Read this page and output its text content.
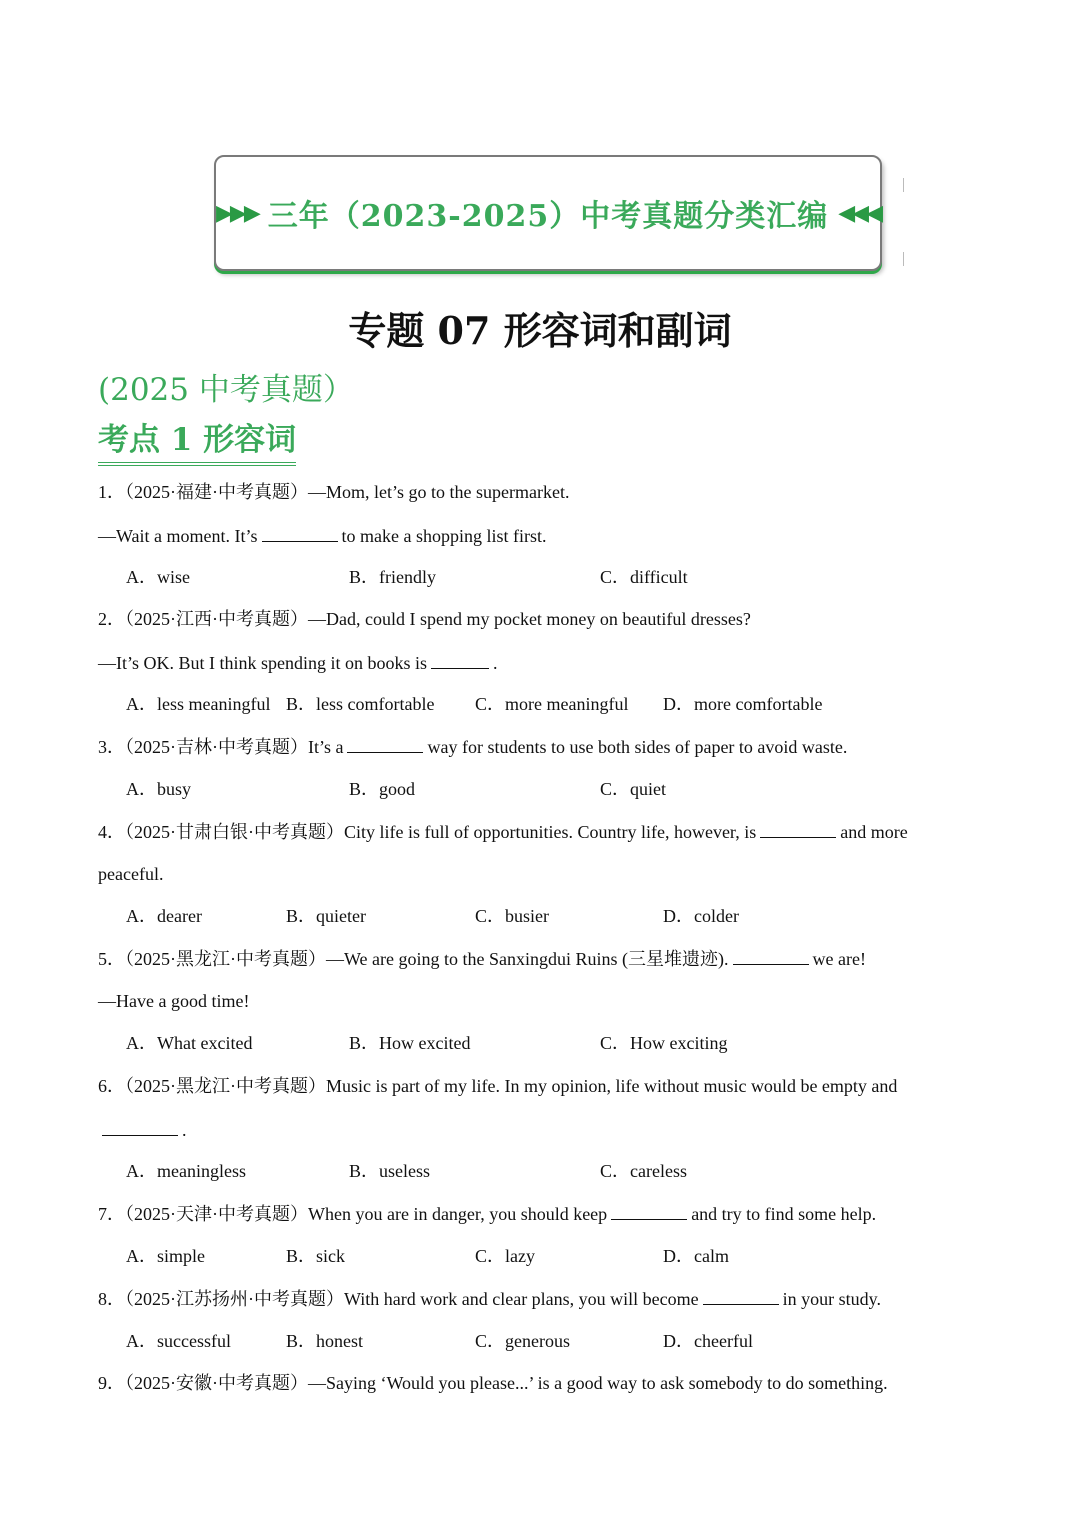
▶▶▶ 三年（2023-2025）中考真题分类汇编 ◀◀◀
专题 07 形容词和副词
(2025 中考真题）
考点 1 形容词
1．（2025·福建·中考真题）—Mom, let’s go to the supermarket.
—Wait a moment. It’s	to make a shopping list first.
A．wise	B．friendly	C．difficult
2．（2025·江西·中考真题）—Dad, could I spend my pocket money on beautiful dresses?
—It’s OK. But I think spending it on books is	.
A．less meaningful B．less comfortable C．more meaningful D．more comfortable
3．（2025·吉林·中考真题）It’s a	way for students to use both sides of paper to avoid waste.
A．busy	B．good	C．quiet
4．（2025·甘肃白银·中考真题）City life is full of opportunities. Country life, however, is	and more
peaceful.
A．dearer	B．quieter	C．busier	D．colder
5．（2025·黑龙江·中考真题）—We are going to the Sanxingdui Ruins (三星堆遗迹).	we are!
—Have a good time!
A．What excited	B．How excited	C．How exciting
6．（2025·黑龙江·中考真题）Music is part of my life. In my opinion, life without music would be empty and
.
A．meaningless	B．useless	C．careless
7．（2025·天津·中考真题）When you are in danger, you should keep	and try to find some help.
A．simple	B．sick	C．lazy	D．calm
8．（2025·江苏扬州·中考真题）With hard work and clear plans, you will become	in your study.
A．successful	B．honest	C．generous	D．cheerful
9．（2025·安徽·中考真题）—Saying ‘Would you please...’ is a good way to ask somebody to do something.
